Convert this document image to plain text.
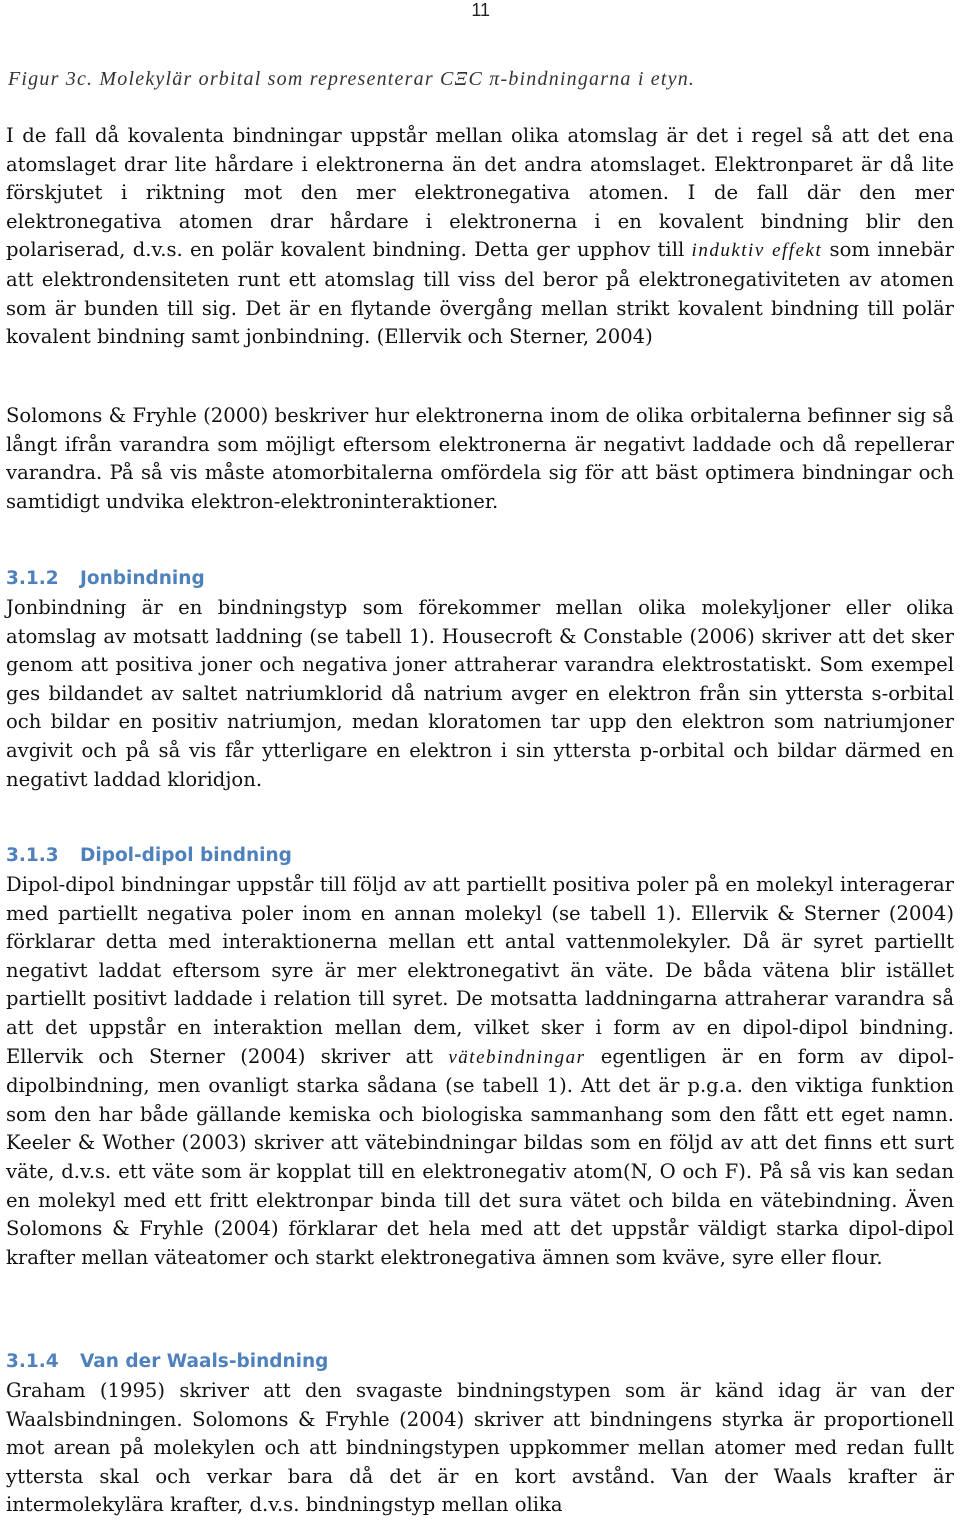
11
Figur 3c. Molekylär orbital som representerar CΞC π-bindningarna i etyn.

I de fall då kovalenta bindningar uppstår mellan olika atomslag är det i regel så att det ena atomslaget drar lite hårdare i elektronerna än det andra atomslaget. Elektronparet är då lite förskjutet i riktning mot den mer elektronegativa atomen. I de fall där den mer elektronegativa atomen drar hårdare i elektronerna i en kovalent bindning blir den polariserad, d.v.s. en polär kovalent bindning. Detta ger upphov till induktiv effekt som innebär att elektrondensiteten runt ett atomslag till viss del beror på elektronegativiteten av atomen som är bunden till sig. Det är en flytande övergång mellan strikt kovalent bindning till polär kovalent bindning samt jonbindning. (Ellervik och Sterner, 2004)

Solomons & Fryhle (2000) beskriver hur elektronerna inom de olika orbitalerna befinner sig så långt ifrån varandra som möjligt eftersom elektronerna är negativt laddade och då repellerar varandra. På så vis måste atomorbitalerna omfördela sig för att bäst optimera bindningar och samtidigt undvika elektron-elektroninteraktioner.

3.1.2 Jonbindning

Jonbindning är en bindningstyp som förekommer mellan olika molekyljoner eller olika atomslag av motsatt laddning (se tabell 1). Housecroft & Constable (2006) skriver att det sker genom att positiva joner och negativa joner attraherar varandra elektrostatiskt. Som exempel ges bildandet av saltet natriumklorid då natrium avger en elektron från sin yttersta s-orbital och bildar en positiv natriumjon, medan kloratomen tar upp den elektron som natriumjoner avgivit och på så vis får ytterligare en elektron i sin yttersta p-orbital och bildar därmed en negativt laddad kloridjon.

3.1.3 Dipol-dipol bindning

Dipol-dipol bindningar uppstår till följd av att partiellt positiva poler på en molekyl interagerar med partiellt negativa poler inom en annan molekyl (se tabell 1). Ellervik & Sterner (2004) förklarar detta med interaktionerna mellan ett antal vattenmolekyler. Då är syret partiellt negativt laddat eftersom syre är mer elektronegativt än väte. De båda vätena blir istället partiellt positivt laddade i relation till syret. De motsatta laddningarna attraherar varandra så att det uppstår en interaktion mellan dem, vilket sker i form av en dipol-dipol bindning. Ellervik och Sterner (2004) skriver att vätebindningar egentligen är en form av dipol-dipolbindning, men ovanligt starka sådana (se tabell 1). Att det är p.g.a. den viktiga funktion som den har både gällande kemiska och biologiska sammanhang som den fått ett eget namn. Keeler & Wother (2003) skriver att vätebindningar bildas som en följd av att det finns ett surt väte, d.v.s. ett väte som är kopplat till en elektronegativ atom(N, O och F). På så vis kan sedan en molekyl med ett fritt elektronpar binda till det sura vätet och bilda en vätebindning. Även Solomons & Fryhle (2004) förklarar det hela med att det uppstår väldigt starka dipol-dipol krafter mellan väteatomer och starkt elektronegativa ämnen som kväve, syre eller flour.

3.1.4 Van der Waals-bindning

Graham (1995) skriver att den svagaste bindningstypen som är känd idag är van der Waalsbindningen. Solomons & Fryhle (2004) skriver att bindningens styrka är proportionell mot arean på molekylen och att bindningstypen uppkommer mellan atomer med redan fullt yttersta skal och verkar bara då det är en kort avstånd. Van der Waals krafter är intermolekylära krafter, d.v.s. bindningstyp mellan olika
